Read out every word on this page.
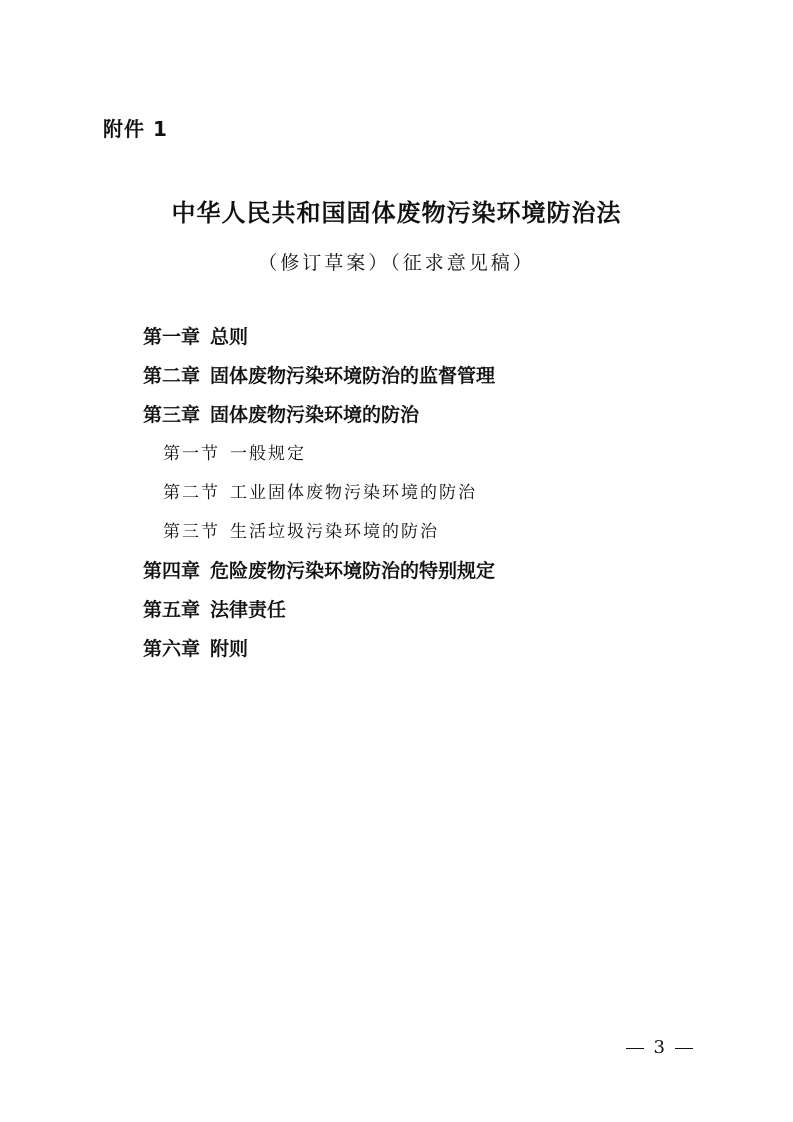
附件 1
中华人民共和国固体废物污染环境防治法
（修订草案）（征求意见稿）
第一章 总则
第二章 固体废物污染环境防治的监督管理
第三章 固体废物污染环境的防治
第一节 一般规定
第二节 工业固体废物污染环境的防治
第三节 生活垃圾污染环境的防治
第四章 危险废物污染环境防治的特别规定
第五章 法律责任
第六章 附则
3
